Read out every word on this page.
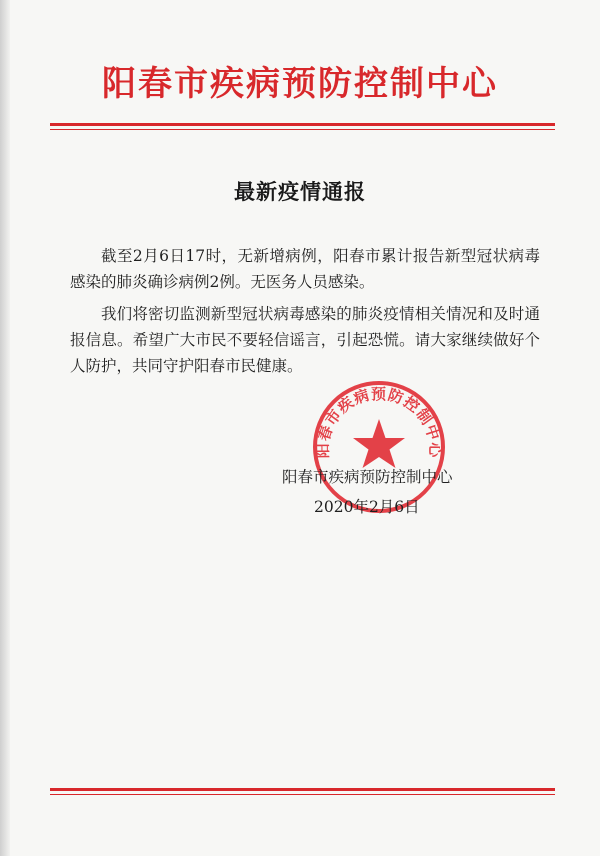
阳春市疾病预防控制中心
最新疫情通报

截至2月6日17时，无新增病例，阳春市累计报告新型冠状病毒感染的肺炎确诊病例2例。无医务人员感染。

我们将密切监测新型冠状病毒感染的肺炎疫情相关情况和及时通报信息。希望广大市民不要轻信谣言，引起恐慌。请大家继续做好个人防护，共同守护阳春市民健康。

阳春市疾病预防控制中心
阳春市疾病预防控制中心
2020年2月6日
